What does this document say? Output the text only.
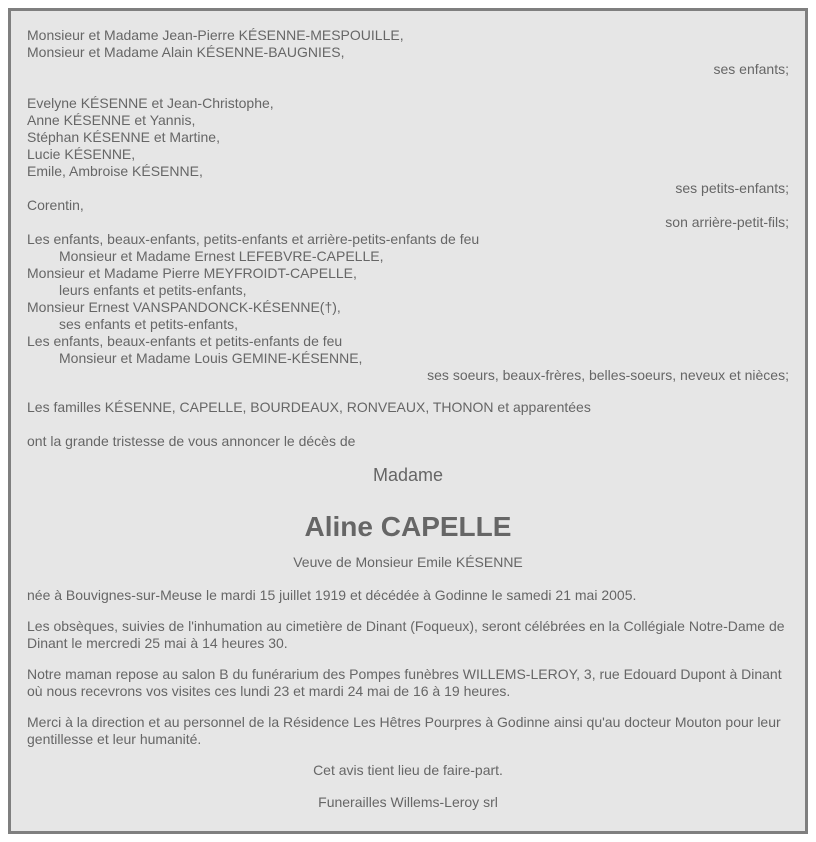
Monsieur et Madame Jean-Pierre KÉSENNE-MESPOUILLE,
Monsieur et Madame Alain KÉSENNE-BAUGNIES,
ses enfants;
Evelyne KÉSENNE et Jean-Christophe,
Anne KÉSENNE et Yannis,
Stéphan KÉSENNE et Martine,
Lucie KÉSENNE,
Emile, Ambroise KÉSENNE,
ses petits-enfants;
Corentin,
son arrière-petit-fils;
Les enfants, beaux-enfants, petits-enfants et arrière-petits-enfants de feu
Monsieur et Madame Ernest LEFEBVRE-CAPELLE,
Monsieur et Madame Pierre MEYFROIDT-CAPELLE,
leurs enfants et petits-enfants,
Monsieur Ernest VANSPANDONCK-KÉSENNE(†),
ses enfants et petits-enfants,
Les enfants, beaux-enfants et petits-enfants de feu
Monsieur et Madame Louis GEMINE-KÉSENNE,
ses soeurs, beaux-frères, belles-soeurs, neveux et nièces;
Les familles KÉSENNE, CAPELLE, BOURDEAUX, RONVEAUX, THONON et apparentées
ont la grande tristesse de vous annoncer le décès de
Madame
Aline CAPELLE
Veuve de Monsieur Emile KÉSENNE
née à Bouvignes-sur-Meuse le mardi 15 juillet 1919 et décédée à Godinne le samedi 21 mai 2005.
Les obsèques, suivies de l'inhumation au cimetière de Dinant (Foqueux), seront célébrées en la Collégiale Notre-Dame de Dinant le mercredi 25 mai à 14 heures 30.
Notre maman repose au salon B du funérarium des Pompes funèbres WILLEMS-LEROY, 3, rue Edouard Dupont à Dinant où nous recevrons vos visites ces lundi 23 et mardi 24 mai de 16 à 19 heures.
Merci à la direction et au personnel de la Résidence Les Hêtres Pourpres à Godinne ainsi qu'au docteur Mouton pour leur gentillesse et leur humanité.
Cet avis tient lieu de faire-part.
Funerailles Willems-Leroy srl
